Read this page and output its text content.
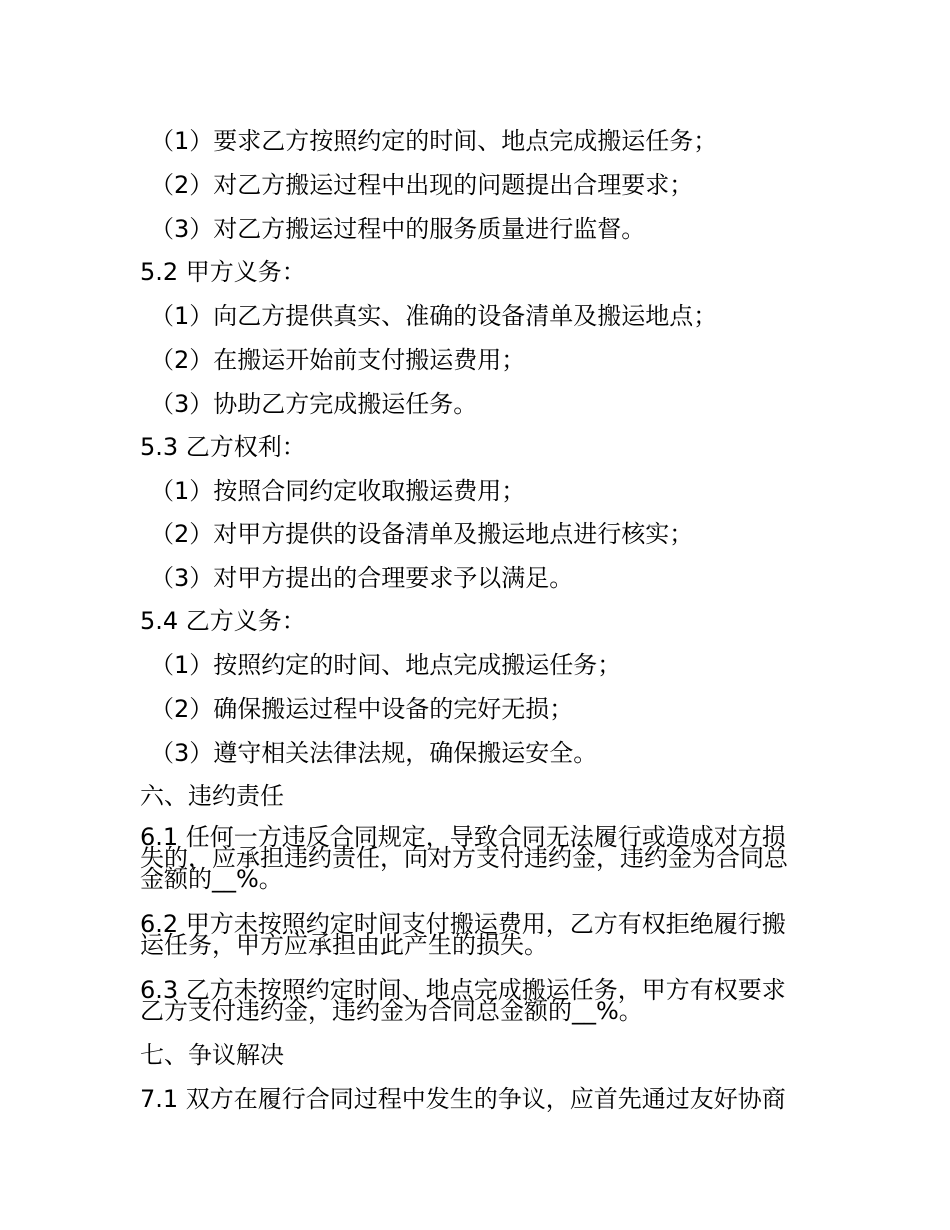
（1）要求乙方按照约定的时间、地点完成搬运任务；
（2）对乙方搬运过程中出现的问题提出合理要求；
（3）对乙方搬运过程中的服务质量进行监督。
5.2 甲方义务：
（1）向乙方提供真实、准确的设备清单及搬运地点；
（2）在搬运开始前支付搬运费用；
（3）协助乙方完成搬运任务。
5.3 乙方权利：
（1）按照合同约定收取搬运费用；
（2）对甲方提供的设备清单及搬运地点进行核实；
（3）对甲方提出的合理要求予以满足。
5.4 乙方义务：
（1）按照约定的时间、地点完成搬运任务；
（2）确保搬运过程中设备的完好无损；
（3）遵守相关法律法规，确保搬运安全。
六、违约责任
6.1 任何一方违反合同规定，导致合同无法履行或造成对方损
失的，应承担违约责任，向对方支付违约金，违约金为合同总
金额的__%。
6.2 甲方未按照约定时间支付搬运费用，乙方有权拒绝履行搬
运任务，甲方应承担由此产生的损失。
6.3 乙方未按照约定时间、地点完成搬运任务，甲方有权要求
乙方支付违约金，违约金为合同总金额的__%。
七、争议解决
7.1 双方在履行合同过程中发生的争议，应首先通过友好协商
